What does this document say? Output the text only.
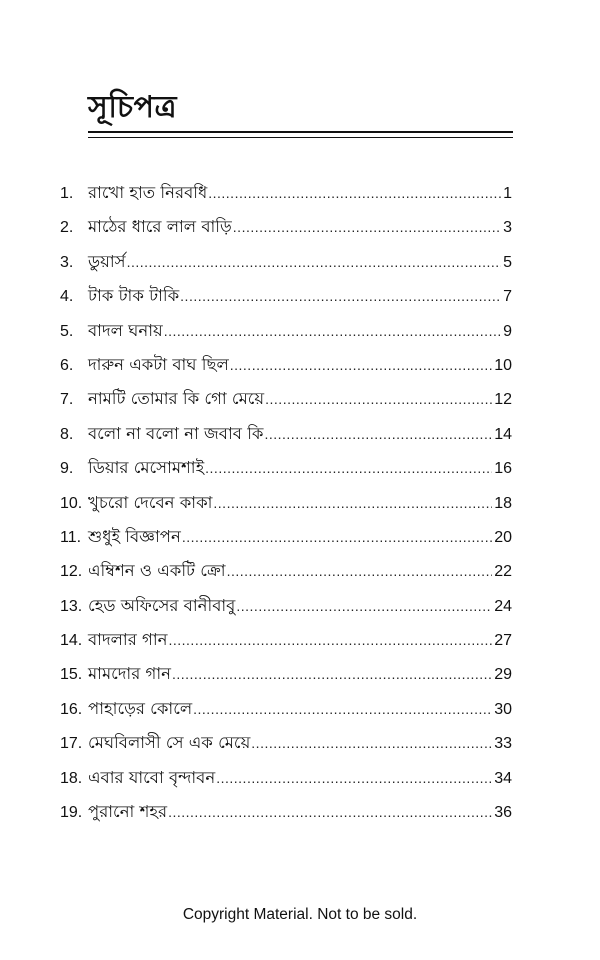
সূচিপত্র
1. রাখো হাত নিরবধি .....	1
2. মাঠের ধারে লাল বাড়ি .....	3
3. ডুয়ার্স .....	5
4. টাক টাক টাকি .....	7
5. বাদল ঘনায় .....	9
6. দারুন একটা বাঘ ছিল .....	10
7. নামটি তোমার কি গো মেয়ে .....	12
8. বলো না বলো না জবাব কি .....	14
9. ডিয়ার মেসোমশাই .....	16
10. খুচরো দেবেন কাকা .....	18
11. শুধুই বিজ্ঞাপন .....	20
12. এম্বিশন ও একটি ক্রো .....	22
13. হেড অফিসের বানীবাবু .....	24
14. বাদলার গান .....	27
15. মামদোর গান .....	29
16. পাহাড়ের কোলে .....	30
17. মেঘবিলাসী সে এক মেয়ে .....	33
18. এবার যাবো বৃন্দাবন .....	34
19. পুরানো শহর .....	36
Copyright Material. Not to be sold.
